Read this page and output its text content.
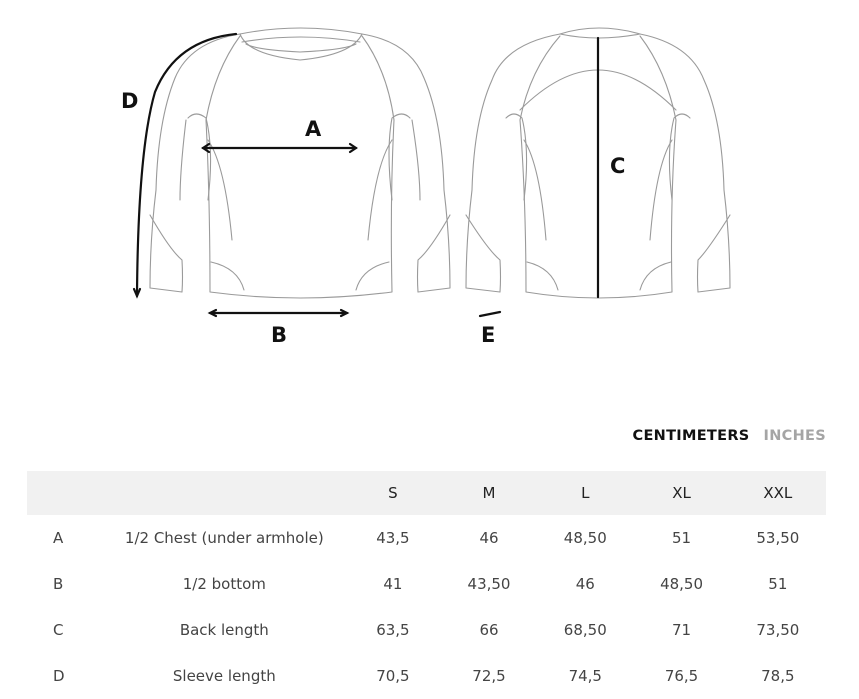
D
A
B
C
E
CENTIMETERS INCHES
		S	M	L	XL	XXL
A	1/2 Chest (under armhole)	43,5	46	48,50	51	53,50
B	1/2 bottom	41	43,50	46	48,50	51
C	Back length	63,5	66	68,50	71	73,50
D	Sleeve length	70,5	72,5	74,5	76,5	78,5
